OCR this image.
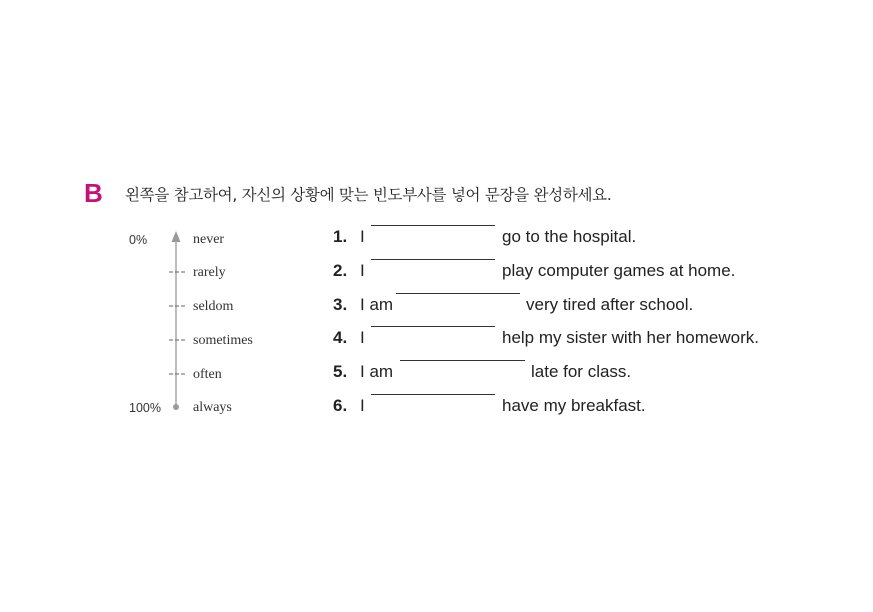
B 왼쪽을 참고하여, 자신의 상황에 맞는 빈도부사를 넣어 문장을 완성하세요.
0%
100%
never
rarely
seldom
sometimes
often
always
1. I	go to the hospital.
2. I	play computer games at home.
3. I am	very tired after school.
4. I	help my sister with her homework.
5. I am	late for class.
6. I	have my breakfast.
